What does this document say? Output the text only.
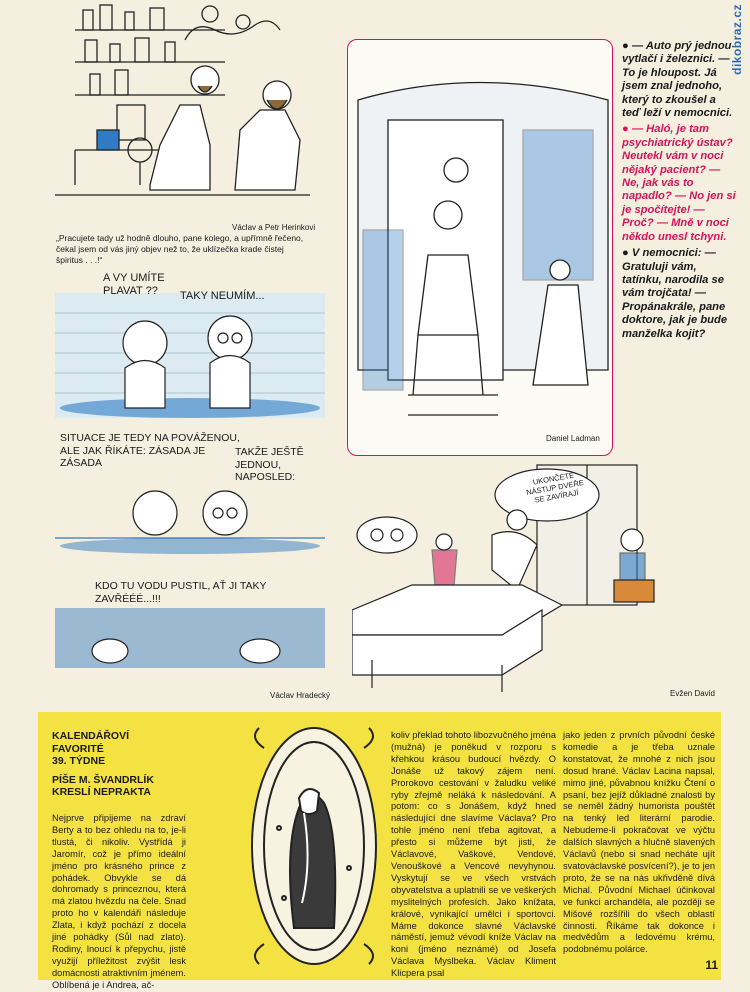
dikobraz.cz
Václav a Petr Herinkovi
„Pracujete tady už hodně dlouho, pane kolego, a upřímně řečeno, čekal jsem od vás jiný objev než to, že uklízečka krade čistej špiritus . . .!“
A VY UMÍTE PLAVAT ??	TAKY NEUMÍM...
SITUACE JE TEDY NA POVÁŽENOU, ALE JAK ŘÍKÁTE: ZÁSADA JE ZÁSADA
TAKŽE JEŠTĚ JEDNOU, NAPOSLED:
KDO TU VODU PUSTIL, AŤ JI TAKY ZAVŘÉÉÉ...!!!
Václav Hradecký
Daniel Ladman

● — Auto prý jednou vytlačí i železnici. — To je hloupost. Já jsem znal jednoho, který to zkoušel a teď leží v nemocnici.

● — Haló, je tam psychiatrický ústav? Neutekl vám v noci nějaký pacient? — Ne, jak vás to napadlo? — No jen si je spočítejte! — Proč? — Mně v noci někdo unesl tchyni.

● V nemocnici: — Gratuluji vám, tatínku, narodila se vám trojčata! — Propánakrále, pane doktore, jak je bude manželka kojit?

UKONČETE NÁSTUP DVEŘE SE ZAVÍRAJÍ
Evžen David
KALENDÁŘOVÍ
FAVORITÉ
39. TÝDNE
PÍŠE M. ŠVANDRLÍK
KRESLÍ NEPRAKTA
Nejprve připijeme na zdraví Berty a to bez ohledu na to, je-li tlustá, či nikoliv. Vystřídá ji Jaromír, což je přímo ideální jméno pro krásného prince z pohádek. Obvykle se dá dohromady s princeznou, která má zlatou hvězdu na čele. Snad proto ho v kalendáři následuje Zlata, i když pochází z docela jiné pohádky (Sůl nad zlato). Rodiny, lnoucí k přepychu, jistě využijí příležitost zvýšit lesk domácnosti atraktivním jménem. Oblíbená je i Andrea, ač-
koliv překlad tohoto libozvučného jména (mužná) je poněkud v rozporu s křehkou krásou budoucí hvězdy. O Jonáše už takový zájem není. Prorokovo cestování v žaludku veliké ryby zřejmě neláká k následování. A potom: co s Jonášem, když hned následující dne slavíme Václava? Pro tohle jméno není třeba agitovat, a přesto si můžeme být jisti, že Václavové, Vaškové, Vendové, Venouškové a Vencové nevyhynou. Vyskytují se ve všech vrstvách obyvatelstva a uplatnili se ve veškerých myslitelných profesích. Jako knížata, králové, vynikající umělci i sportovci. Máme dokonce slavné Václavské náměstí, jemuž vévodí kníže Václav na koni (jméno neznámé) od Josefa Václava Myslbeka. Václav Kliment Klicpera psal
jako jeden z prvních původní české komedie a je třeba uznale konstatovat, že mnohé z nich jsou dosud hrané. Václav Lacina napsal, mimo jiné, půvabnou knížku Čtení o psaní, bez jejíž důkladné znalosti by se neměl žádný humorista pouštět na tenký led literární parodie. Nebudeme-li pokračovat ve výčtu dalších slavných a hlučně slavených Václavů (nebo si snad necháte ujít svatováclavské posvícení?), je to jen proto, že se na nás ukřivděně dívá Michal. Původní Michael účinkoval ve funkci archanděla, ale později se Mišové rozšířili do všech oblastí činnosti. Říkáme tak dokonce i medvědům a ledovému krému, podobnému polárce.
11
